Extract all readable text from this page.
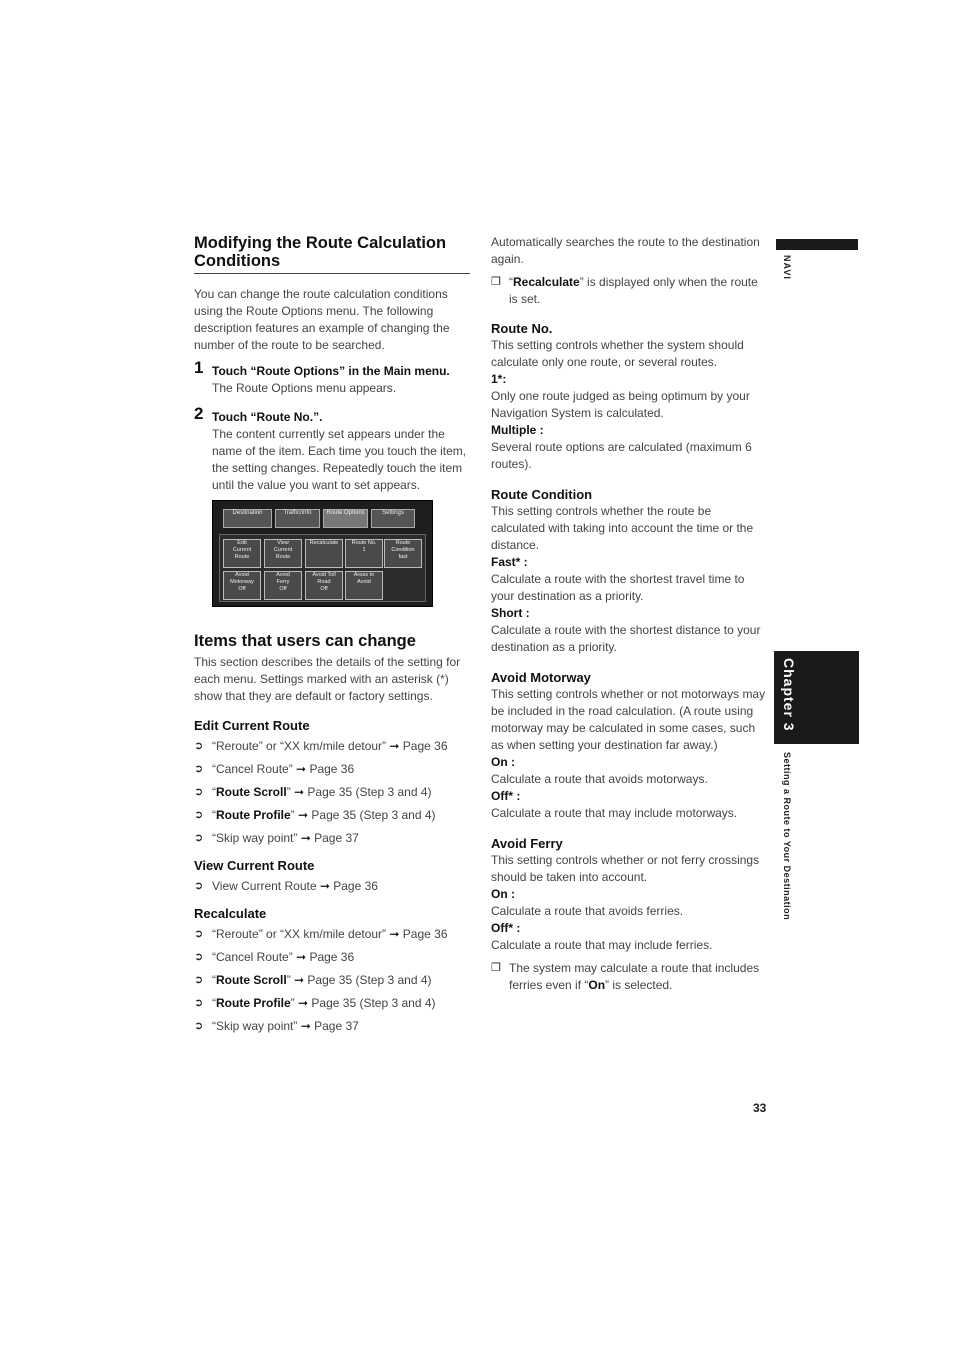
Modifying the Route Calculation Conditions

You can change the route calculation conditions using the Route Options menu. The following description features an example of changing the number of the route to be searched.

1 Touch “Route Options” in the Main menu.
The Route Options menu appears.
2 Touch “Route No.”.
The content currently set appears under the name of the item. Each time you touch the item, the setting changes. Repeatedly touch the item until the value you want to set appears.
Destination	Traffic/Info	Route Options	Settings
Edit
Current
Route
View
Current
Route
Recalculate	Route No.
1
Route
Condition
fast
Avoid
Motorway
Off
Avoid
Ferry
Off
Avoid Toll
Road
Off
Areas to
Avoid
Items that users can change

This section describes the details of the setting for each menu. Settings marked with an asterisk (*) show that they are default or factory settings.

Edit Current Route
➲ “Reroute” or “XX km/mile detour” ➞ Page 36
➲ “Cancel Route” ➞ Page 36
➲ “Route Scroll” ➞ Page 35 (Step 3 and 4)
➲ “Route Profile” ➞ Page 35 (Step 3 and 4)
➲ “Skip way point” ➞ Page 37
View Current Route
➲ View Current Route ➞ Page 36
Recalculate
➲ “Reroute” or “XX km/mile detour” ➞ Page 36
➲ “Cancel Route” ➞ Page 36
➲ “Route Scroll” ➞ Page 35 (Step 3 and 4)
➲ “Route Profile” ➞ Page 35 (Step 3 and 4)
➲ “Skip way point” ➞ Page 37

Automatically searches the route to the destination again.

❒ “Recalculate” is displayed only when the route is set.
Route No.

This setting controls whether the system should calculate only one route, or several routes.

1*:

Only one route judged as being optimum by your Navigation System is calculated.

Multiple :

Several route options are calculated (maximum 6 routes).

Route Condition

This setting controls whether the route be calculated with taking into account the time or the distance.

Fast* :

Calculate a route with the shortest travel time to your destination as a priority.

Short :

Calculate a route with the shortest distance to your destination as a priority.

Avoid Motorway

This setting controls whether or not motorways may be included in the road calculation. (A route using motorway may be calculated in some cases, such as when setting your destination far away.)

On :

Calculate a route that avoids motorways.

Off* :

Calculate a route that may include motorways.

Avoid Ferry

This setting controls whether or not ferry crossings should be taken into account.

On :

Calculate a route that avoids ferries.

Off* :

Calculate a route that may include ferries.

❒ The system may calculate a route that includes ferries even if “On” is selected.
NAVI
Chapter 3
Setting a Route to Your Destination
33
